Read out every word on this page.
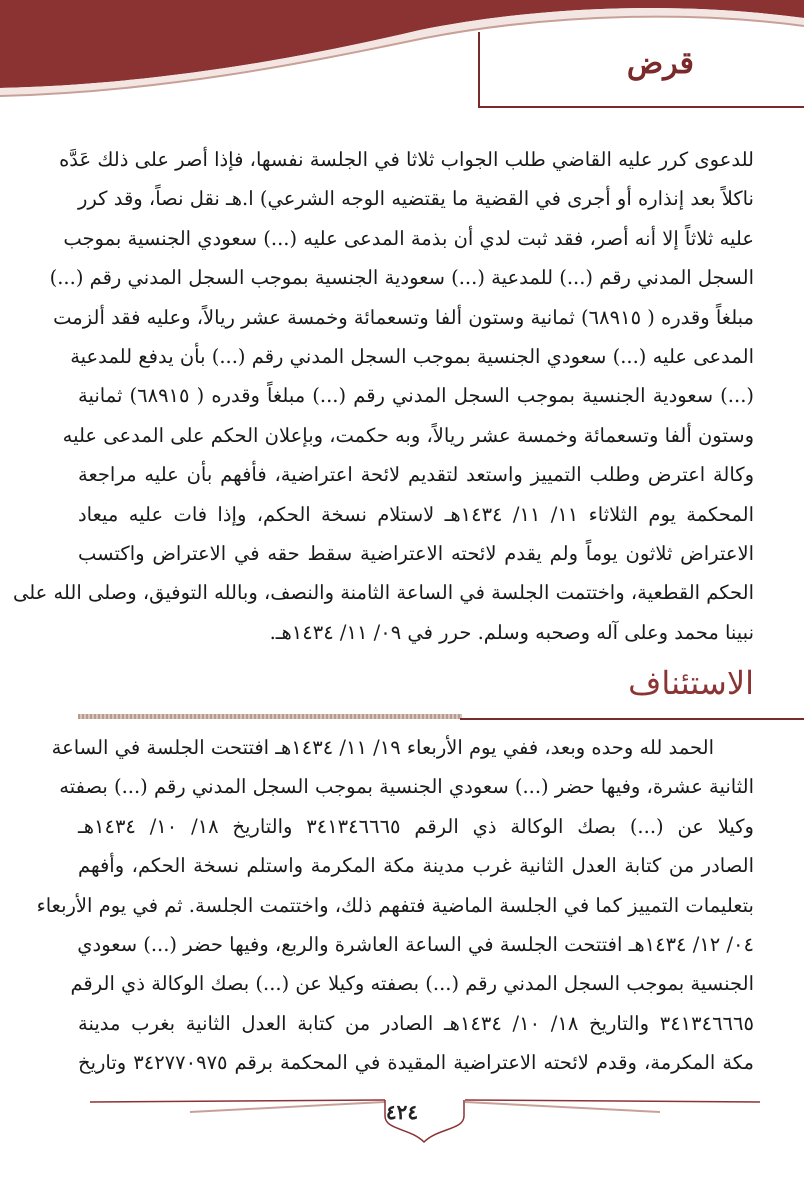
قرض
للدعوى كرر عليه القاضي طلب الجواب ثلاثا في الجلسة نفسها، فإذا أصر على ذلك عَدَّه
ناكلاً بعد إنذاره أو أجرى في القضية ما يقتضيه الوجه الشرعي) ا.هـ نقل نصاً، وقد كرر
عليه ثلاثاً إلا أنه أصر، فقد ثبت لدي أن بذمة المدعى عليه (...) سعودي الجنسية بموجب
السجل المدني رقم (...) للمدعية (...) سعودية الجنسية بموجب السجل المدني رقم (...)
مبلغاً وقدره ( ٦٨٩١٥) ثمانية وستون ألفا وتسعمائة وخمسة عشر ريالاً، وعليه فقد ألزمت
المدعى عليه (...) سعودي الجنسية بموجب السجل المدني رقم (...) بأن يدفع للمدعية
(...) سعودية الجنسية بموجب السجل المدني رقم (...) مبلغاً وقدره ( ٦٨٩١٥) ثمانية
وستون ألفا وتسعمائة وخمسة عشر ريالاً، وبه حكمت، وبإعلان الحكم على المدعى عليه
وكالة اعترض وطلب التمييز واستعد لتقديم لائحة اعتراضية، فأفهم بأن عليه مراجعة
المحكمة يوم الثلاثاء ١١/ ١١/ ١٤٣٤هـ لاستلام نسخة الحكم، وإذا فات عليه ميعاد
الاعتراض ثلاثون يوماً ولم يقدم لائحته الاعتراضية سقط حقه في الاعتراض واكتسب
الحكم القطعية، واختتمت الجلسة في الساعة الثامنة والنصف، وبالله التوفيق، وصلى الله على
نبينا محمد وعلى آله وصحبه وسلم. حرر في ٠٩/ ١١/ ١٤٣٤هـ.
الاستئناف
الحمد لله وحده وبعد، ففي يوم الأربعاء ١٩/ ١١/ ١٤٣٤هـ افتتحت الجلسة في الساعة
الثانية عشرة، وفيها حضر (...) سعودي الجنسية بموجب السجل المدني رقم (...) بصفته
وكيلا عن (...) بصك الوكالة ذي الرقم ٣٤١٣٤٦٦٦٥ والتاريخ ١٨/ ١٠/ ١٤٣٤هـ
الصادر من كتابة العدل الثانية غرب مدينة مكة المكرمة واستلم نسخة الحكم، وأفهم
بتعليمات التمييز كما في الجلسة الماضية فتفهم ذلك، واختتمت الجلسة. ثم في يوم الأربعاء
٠٤/ ١٢/ ١٤٣٤هـ افتتحت الجلسة في الساعة العاشرة والربع، وفيها حضر (...) سعودي
الجنسية بموجب السجل المدني رقم (...) بصفته وكيلا عن (...) بصك الوكالة ذي الرقم
٣٤١٣٤٦٦٦٥ والتاريخ ١٨/ ١٠/ ١٤٣٤هـ الصادر من كتابة العدل الثانية بغرب مدينة
مكة المكرمة، وقدم لائحته الاعتراضية المقيدة في المحكمة برقم ٣٤٢٧٧٠٩٧٥ وتاريخ
٤٢٤
